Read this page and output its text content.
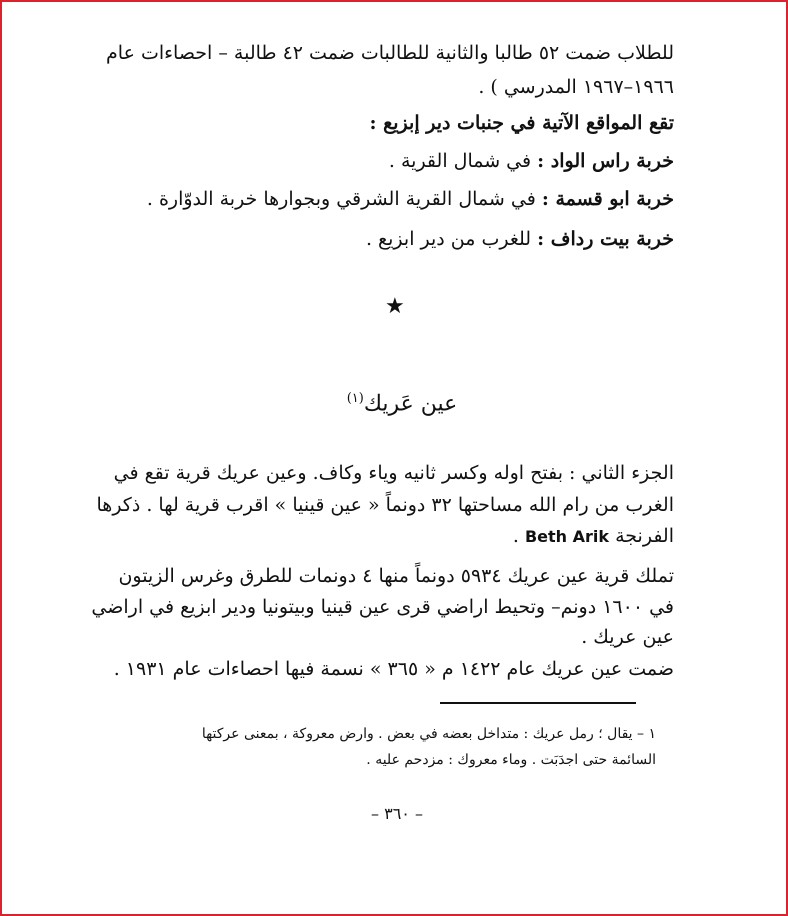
للطلاب ضمت ٥٢ طالبا والثانية للطالبات ضمت ٤٢ طالبة – احصاءات عام
١٩٦٦–١٩٦٧ المدرسي ) .
تقع المواقع الآتية في جنبات دير إبزيع :
خربة راس الواد : في شمال القرية .
خربة ابو قسمة : في شمال القرية الشرقي وبجوارها خربة الدوّارة .
خربة بيت رداف : للغرب من دير ابزيع .
★
عين عَريك$^{(١)}$
الجزء الثاني : بفتح اوله وكسر ثانيه وياء وكاف. وعين عريك قرية تقع في
الغرب من رام الله مساحتها ٣٢ دونماً « عين قينيا » اقرب قرية لها . ذكرها
الفرنجة Beth Arik .
تملك قرية عين عريك ٥٩٣٤ دونماً منها ٤ دونمات للطرق وغرس الزيتون
في ١٦٠٠ دونم– وتحيط اراضي قرى عين قينيا وبيتونيا ودير ابزيع في اراضي
عين عريك .
ضمت عين عريك عام ١٤٢٢ م « ٣٦٥ » نسمة فيها احصاءات عام ١٩٣١ .
١ – يقال ؛ رمل عريك : متداخل بعضه في بعض . وارض معروكة ، بمعنى عركتها
السائمة حتى اجدَبَت . وماء معروك : مزدحم عليه .
– ٣٦٠ –
